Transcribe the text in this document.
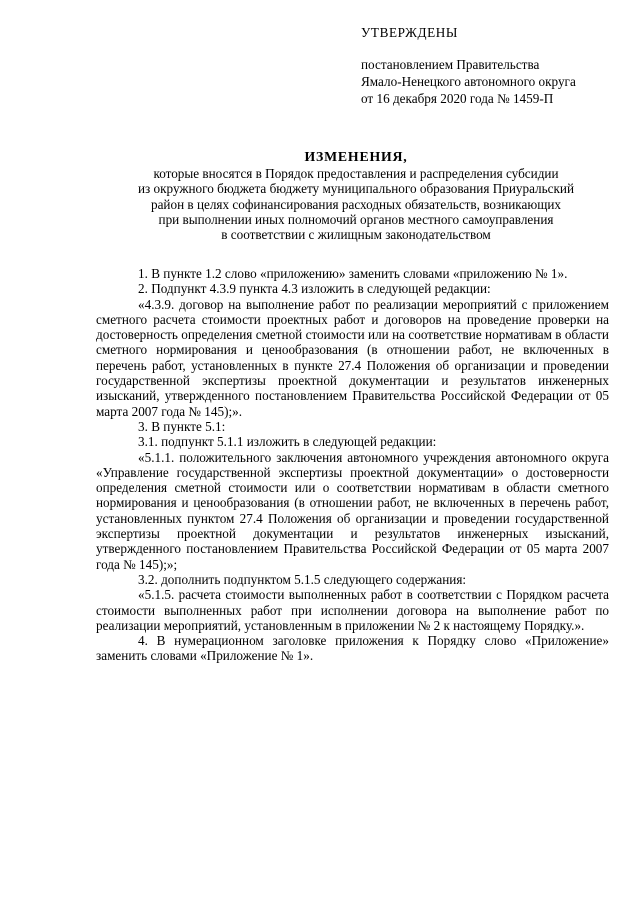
УТВЕРЖДЕНЫ
постановлением Правительства
Ямало-Ненецкого автономного округа
от 16 декабря 2020 года № 1459-П
ИЗМЕНЕНИЯ,
которые вносятся в Порядок предоставления и распределения субсидии
из окружного бюджета бюджету муниципального образования Приуральский
район в целях софинансирования расходных обязательств, возникающих
при выполнении иных полномочий органов местного самоуправления
в соответствии с жилищным законодательством

1. В пункте 1.2 слово «приложению» заменить словами «приложению № 1».

2. Подпункт 4.3.9 пункта 4.3 изложить в следующей редакции:

«4.3.9. договор на выполнение работ по реализации мероприятий с приложением сметного расчета стоимости проектных работ и договоров на проведение проверки на достоверность определения сметной стоимости или на соответствие нормативам в области сметного нормирования и ценообразования (в отношении работ, не включенных в перечень работ, установленных в пункте 27.4 Положения об организации и проведении государственной экспертизы проектной документации и результатов инженерных изысканий, утвержденного постановлением Правительства Российской Федерации от 05 марта 2007 года № 145);».

3. В пункте 5.1:

3.1. подпункт 5.1.1 изложить в следующей редакции:

«5.1.1. положительного заключения автономного учреждения автономного округа «Управление государственной экспертизы проектной документации» о достоверности определения сметной стоимости или о соответствии нормативам в области сметного нормирования и ценообразования (в отношении работ, не включенных в перечень работ, установленных пунктом 27.4 Положения об организации и проведении государственной экспертизы проектной документации и результатов инженерных изысканий, утвержденного постановлением Правительства Российской Федерации от 05 марта 2007 года № 145);»;

3.2. дополнить подпунктом 5.1.5 следующего содержания:

«5.1.5. расчета стоимости выполненных работ в соответствии с Порядком расчета стоимости выполненных работ при исполнении договора на выполнение работ по реализации мероприятий, установленным в приложении № 2 к настоящему Порядку.».

4. В нумерационном заголовке приложения к Порядку слово «Приложение» заменить словами «Приложение № 1».
